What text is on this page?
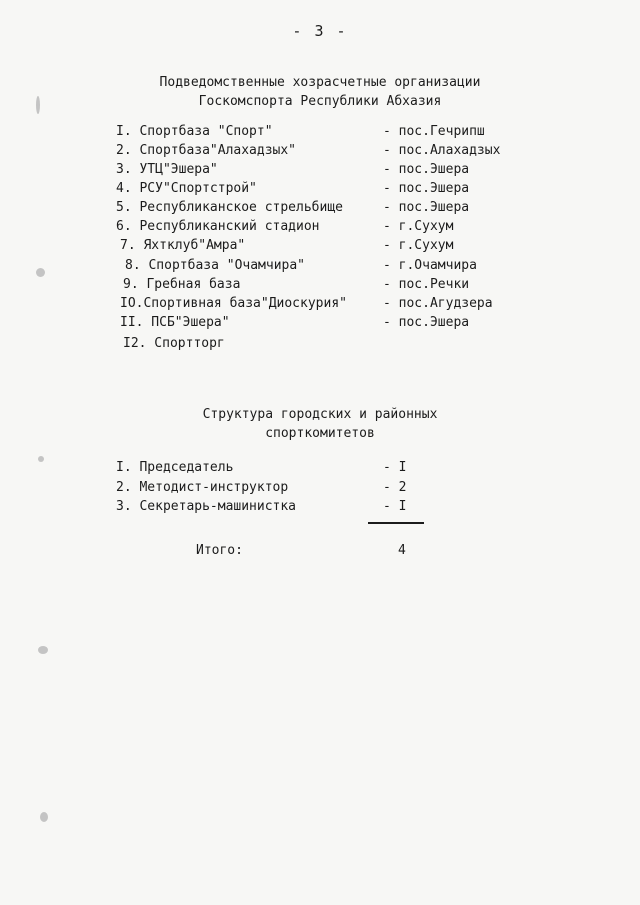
- 3 -
Подведомственные хозрасчетные организации
Госкомспорта Республики Абхазия
I. Спортбаза "Спорт"	- пос.Гечрипш
2. Спортбаза"Алахадзых"	- пос.Алахадзых
3. УТЦ"Эшера"	- пос.Эшера
4. РСУ"Спортстрой"	- пос.Эшера
5. Республиканское стрельбище	- пос.Эшера
6. Республиканский стадион	- г.Сухум
7. Яхтклуб"Амра"	- г.Сухум
8. Спортбаза "Очамчира"	- г.Очамчира
9. Гребная база	- пос.Речки
IO.Спортивная база"Диоскурия"	- пос.Агудзера
II. ПСБ"Эшера"	- пос.Эшера
I2. Спортторг
Структура городских и районных
спорткомитетов
I. Председатель	- I
2. Методист-инструктор	- 2
3. Секретарь-машинистка	- I
Итого:	4
